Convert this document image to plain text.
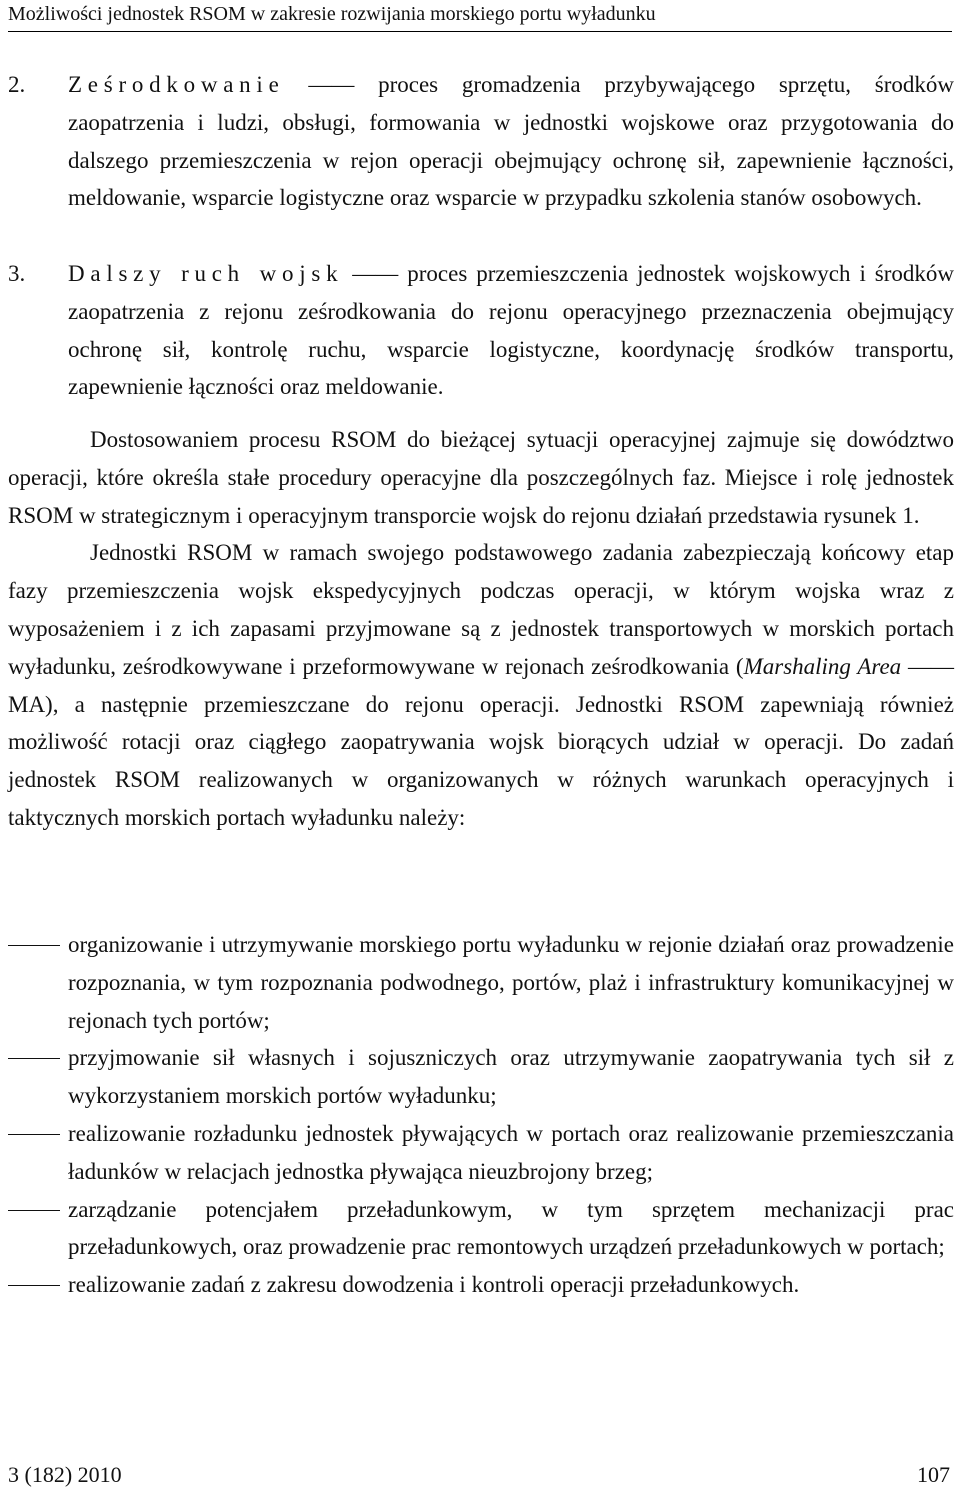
Możliwości jednostek RSOM w zakresie rozwijania morskiego portu wyładunku
2. Ześrodkowanie —— proces gromadzenia przybywającego sprzętu, środków zaopatrzenia i ludzi, obsługi, formowania w jednostki wojskowe oraz przygotowania do dalszego przemieszczenia w rejon operacji obejmujący ochronę sił, zapewnienie łączności, meldowanie, wsparcie logistyczne oraz wsparcie w przypadku szkolenia stanów osobowych.
3. Dalszy ruch wojsk —— proces przemieszczenia jednostek wojskowych i środków zaopatrzenia z rejonu ześrodkowania do rejonu operacyjnego przeznaczenia obejmujący ochronę sił, kontrolę ruchu, wsparcie logistyczne, koordynację środków transportu, zapewnienie łączności oraz meldowanie.

Dostosowaniem procesu RSOM do bieżącej sytuacji operacyjnej zajmuje się dowództwo operacji, które określa stałe procedury operacyjne dla poszczególnych faz. Miejsce i rolę jednostek RSOM w strategicznym i operacyjnym transporcie wojsk do rejonu działań przedstawia rysunek 1.

Jednostki RSOM w ramach swojego podstawowego zadania zabezpieczają końcowy etap fazy przemieszczenia wojsk ekspedycyjnych podczas operacji, w którym wojska wraz z wyposażeniem i z ich zapasami przyjmowane są z jednostek transportowych w morskich portach wyładunku, ześrodkowywane i przeformowywane w rejonach ześrodkowania (Marshaling Area —— MA), a następnie przemieszczane do rejonu operacji. Jednostki RSOM zapewniają również możliwość rotacji oraz ciągłego zaopatrywania wojsk biorących udział w operacji. Do zadań jednostek RSOM realizowanych w organizowanych w różnych warunkach operacyjnych i taktycznych morskich portach wyładunku należy:

organizowanie i utrzymywanie morskiego portu wyładunku w rejonie działań oraz prowadzenie rozpoznania, w tym rozpoznania podwodnego, portów, plaż i infrastruktury komunikacyjnej w rejonach tych portów;
przyjmowanie sił własnych i sojuszniczych oraz utrzymywanie zaopatrywania tych sił z wykorzystaniem morskich portów wyładunku;
realizowanie rozładunku jednostek pływających w portach oraz realizowanie przemieszczania ładunków w relacjach jednostka pływająca nieuzbrojony brzeg;
zarządzanie potencjałem przeładunkowym, w tym sprzętem mechanizacji prac przeładunkowych, oraz prowadzenie prac remontowych urządzeń przeładunkowych w portach;
realizowanie zadań z zakresu dowodzenia i kontroli operacji przeładunkowych.
3 (182) 2010	107
